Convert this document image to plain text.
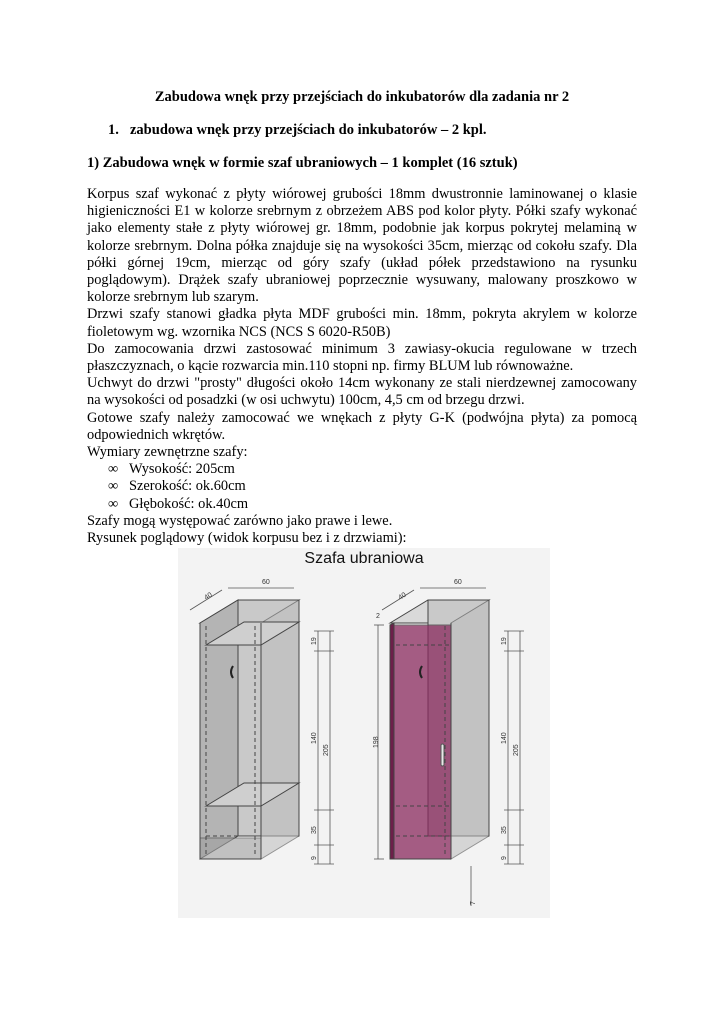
Zabudowa wnęk przy przejściach do inkubatorów dla zadania nr 2
1. zabudowa wnęk przy przejściach do inkubatorów – 2 kpl.
1) Zabudowa wnęk w formie szaf ubraniowych – 1 komplet (16 sztuk)

Korpus szaf wykonać z płyty wiórowej grubości 18mm dwustronnie laminowanej o klasie higieniczności E1 w kolorze srebrnym z obrzeżem ABS pod kolor płyty. Półki szafy wykonać jako elementy stałe z płyty wiórowej gr. 18mm, podobnie jak korpus pokrytej melaminą w kolorze srebrnym. Dolna półka znajduje się na wysokości 35cm, mierząc od cokołu szafy. Dla półki górnej 19cm, mierząc od góry szafy (układ półek przedstawiono na rysunku poglądowym). Drążek szafy ubraniowej poprzecznie wysuwany, malowany proszkowo w kolorze srebrnym lub szarym.

Drzwi szafy stanowi gładka płyta MDF grubości min. 18mm, pokryta akrylem w kolorze fioletowym wg. wzornika NCS (NCS S 6020-R50B)

Do zamocowania drzwi zastosować minimum 3 zawiasy-okucia regulowane w trzech płaszczyznach, o kącie rozwarcia min.110 stopni np. firmy BLUM lub równoważne.

Uchwyt do drzwi "prosty" długości około 14cm wykonany ze stali nierdzewnej zamocowany na wysokości od posadzki (w osi uchwytu) 100cm, 4,5 cm od brzegu drzwi.

Gotowe szafy należy zamocować we wnękach z płyty G-K (podwójna płyta) za pomocą odpowiednich wkrętów.

Wymiary zewnętrzne szafy:

∞ Wysokość: 205cm
∞ Szerokość: ok.60cm
∞ Głębokość: ok.40cm

Szafy mogą występować zarówno jako prawe i lewe.

Rysunek poglądowy (widok korpusu bez i z drzwiami):

Szafa ubraniowa
40
60
19
140
205
35
9
2
40
60
198
19
140
205
35
9
7
